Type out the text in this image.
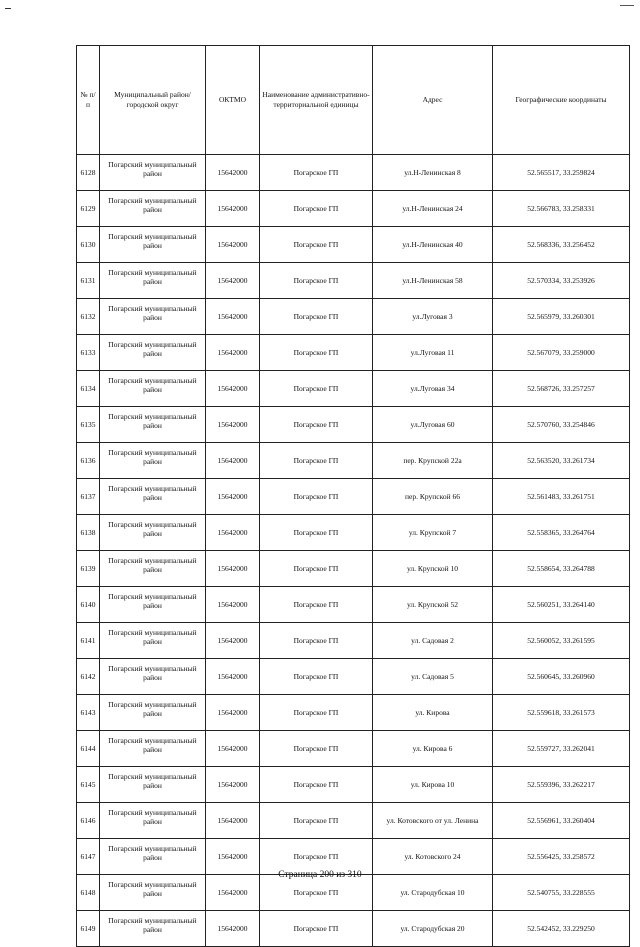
№ п/п	Муниципальный район/городской округ	ОКТМО	Наименование административно-территориальной единицы	Адрес	Географические координаты
6128	Погарский муниципальный район	15642000	Погарское ГП	ул.Н-Ленинская 8	52.565517, 33.259824
6129	Погарский муниципальный район	15642000	Погарское ГП	ул.Н-Ленинская 24	52.566783, 33.258331
6130	Погарский муниципальный район	15642000	Погарское ГП	ул.Н-Ленинская 40	52.568336, 33.256452
6131	Погарский муниципальный район	15642000	Погарское ГП	ул.Н-Ленинская 58	52.570334, 33.253926
6132	Погарский муниципальный район	15642000	Погарское ГП	ул.Луговая 3	52.565979, 33.260301
6133	Погарский муниципальный район	15642000	Погарское ГП	ул.Луговая 11	52.567079, 33.259000
6134	Погарский муниципальный район	15642000	Погарское ГП	ул.Луговая 34	52.568726, 33.257257
6135	Погарский муниципальный район	15642000	Погарское ГП	ул.Луговая 60	52.570760, 33.254846
6136	Погарский муниципальный район	15642000	Погарское ГП	пер. Крупской 22а	52.563520, 33.261734
6137	Погарский муниципальный район	15642000	Погарское ГП	пер. Крупской 66	52.561483, 33.261751
6138	Погарский муниципальный район	15642000	Погарское ГП	ул. Крупской 7	52.558365, 33.264764
6139	Погарский муниципальный район	15642000	Погарское ГП	ул. Крупской 10	52.558654, 33.264788
6140	Погарский муниципальный район	15642000	Погарское ГП	ул. Крупской 52	52.560251, 33.264140
6141	Погарский муниципальный район	15642000	Погарское ГП	ул. Садовая 2	52.560052, 33.261595
6142	Погарский муниципальный район	15642000	Погарское ГП	ул. Садовая 5	52.560645, 33.260960
6143	Погарский муниципальный район	15642000	Погарское ГП	ул. Кирова	52.559618, 33.261573
6144	Погарский муниципальный район	15642000	Погарское ГП	ул. Кирова 6	52.559727, 33.262041
6145	Погарский муниципальный район	15642000	Погарское ГП	ул. Кирова 10	52.559396, 33.262217
6146	Погарский муниципальный район	15642000	Погарское ГП	ул. Котовского от ул. Ленина	52.556961, 33.260404
6147	Погарский муниципальный район	15642000	Погарское ГП	ул. Котовского 24	52.556425, 33.258572
6148	Погарский муниципальный район	15642000	Погарское ГП	ул. Стародубская 10	52.540755, 33.228555
6149	Погарский муниципальный район	15642000	Погарское ГП	ул. Стародубская 20	52.542452, 33.229250
Страница 200 из 310
